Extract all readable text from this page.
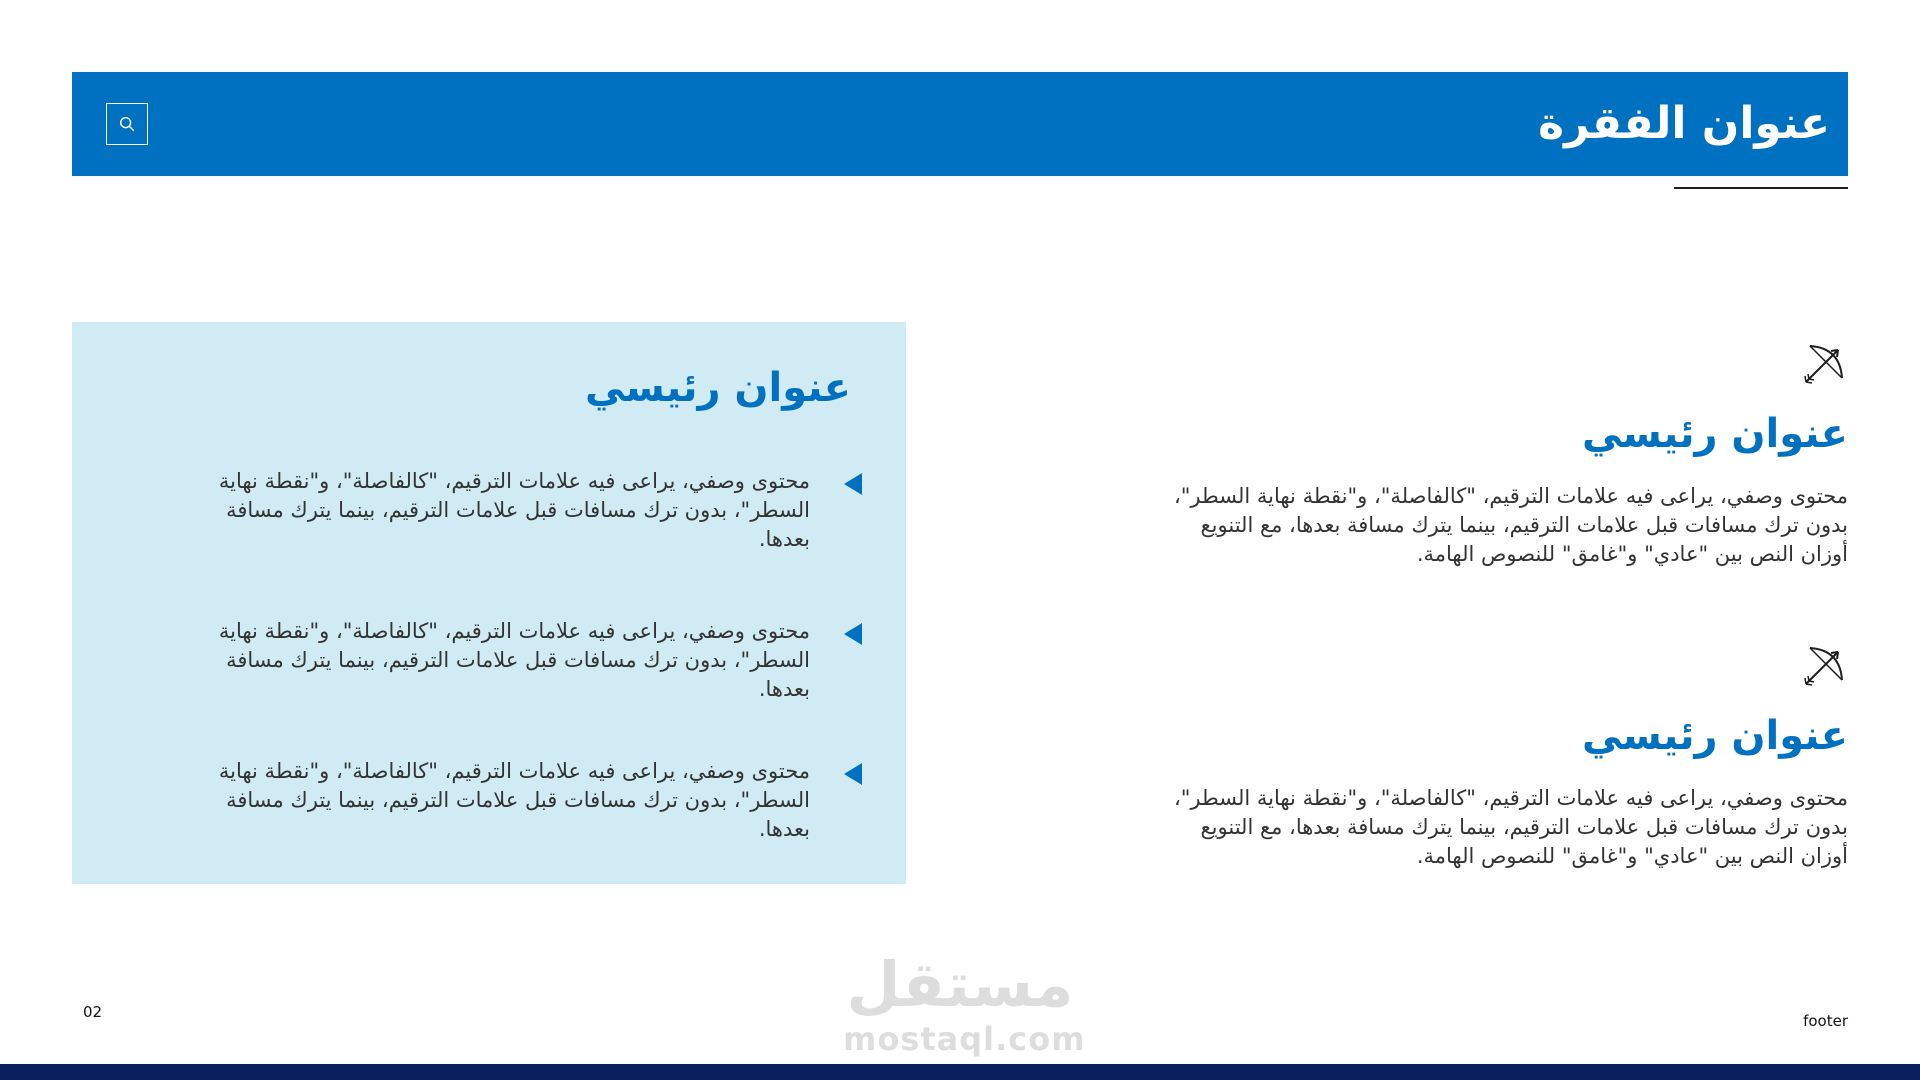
عنوان الفقرة
عنوان رئيسي
محتوى وصفي، يراعى فيه علامات الترقيم، "كالفاصلة"، و"نقطة نهاية السطر"، بدون ترك مسافات قبل علامات الترقيم، بينما يترك مسافة بعدها.
محتوى وصفي، يراعى فيه علامات الترقيم، "كالفاصلة"، و"نقطة نهاية السطر"، بدون ترك مسافات قبل علامات الترقيم، بينما يترك مسافة بعدها.
محتوى وصفي، يراعى فيه علامات الترقيم، "كالفاصلة"، و"نقطة نهاية السطر"، بدون ترك مسافات قبل علامات الترقيم، بينما يترك مسافة بعدها.
عنوان رئيسي
محتوى وصفي، يراعى فيه علامات الترقيم، "كالفاصلة"، و"نقطة نهاية السطر"، بدون ترك مسافات قبل علامات الترقيم، بينما يترك مسافة بعدها، مع التنويع أوزان النص بين "عادي" و"غامق" للنصوص الهامة.
عنوان رئيسي
محتوى وصفي، يراعى فيه علامات الترقيم، "كالفاصلة"، و"نقطة نهاية السطر"، بدون ترك مسافات قبل علامات الترقيم، بينما يترك مسافة بعدها، مع التنويع أوزان النص بين "عادي" و"غامق" للنصوص الهامة.
02	مستقل
mostaql.com	footer
